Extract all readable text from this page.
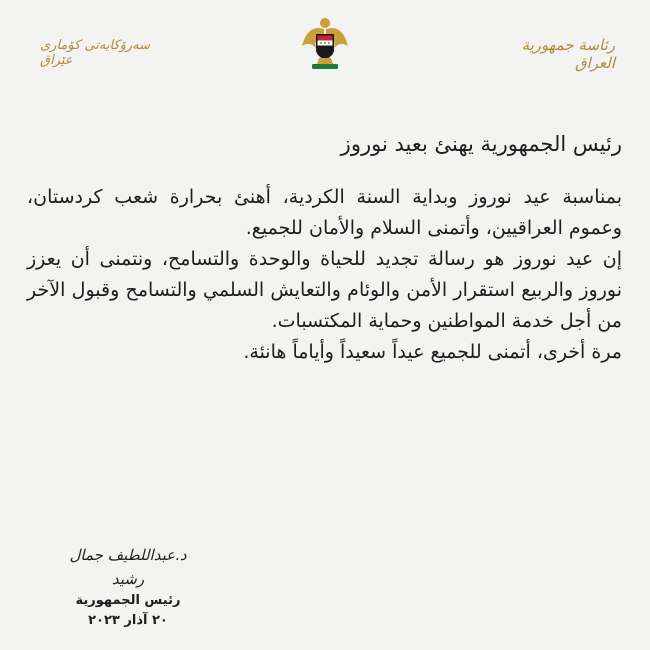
سەرۆکایەتی کۆماری عێراق
رئاسة جمهورية العراق
رئيس الجمهورية يهنئ بعيد نوروز

بمناسبة عيد نوروز وبداية السنة الكردية، أهنئ بحرارة شعب كردستان، وعموم العراقيين، وأتمنى السلام والأمان للجميع.

إن عيد نوروز هو رسالة تجديد للحياة والوحدة والتسامح، ونتمنى أن يعزز نوروز والربيع استقرار الأمن والوئام والتعايش السلمي والتسامح وقبول الآخر من أجل خدمة المواطنين وحماية المكتسبات.

مرة أخرى، أتمنى للجميع عيداً سعيداً وأياماً هانئة.

د.عبداللطيف جمال رشيد
رئيس الجمهورية
٢٠ آذار ٢٠٢٣
